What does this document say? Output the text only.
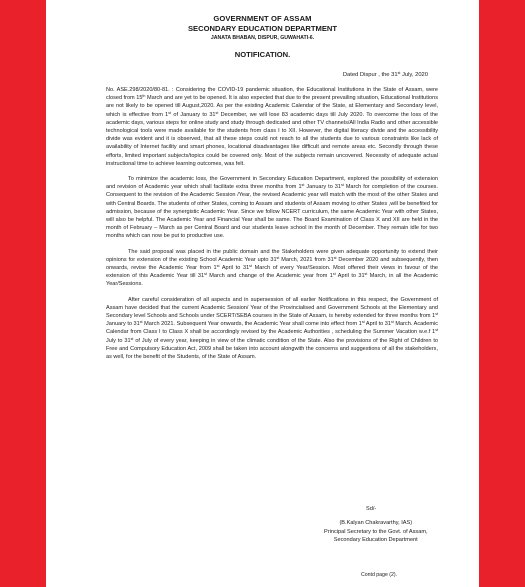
GOVERNMENT OF ASSAM
SECONDARY EDUCATION DEPARTMENT
JANATA BHABAN, DISPUR, GUWAHATI-6.
NOTIFICATION.
Dated Dispur , the 31st July, 2020

No. ASE.298/2020/80-81. : Considering the COVID-19 pandemic situation, the Educational Institutions in the State of Assam, were closed from 15th March and are yet to be opened. It is also expected that due to the present prevailing situation, Educational Institutions are not likely to be opened till August,2020. As per the existing Academic Calendar of the State, at Elementary and Secondary level, which is effective from 1st of January to 31st December, we will lose 83 academic days till July 2020. To overcome the loss of the academic days, various steps for online study and study through dedicated and other TV channels/All India Radio and other accessible technological tools were made available for the students from class I to XII. However, the digital literacy divide and the accessibility divide was evident and it is observed, that all these steps could not reach to all the students due to various constraints like lack of availability of Internet facility and smart phones, locational disadvantages like difficult and remote areas etc. Secondly through these efforts, limited important subjects/topics could be covered only. Most of the subjects remain uncovered. Necessity of adequate actual instructional time to achieve learning outcomes, was felt.

To minimize the academic loss, the Government in Secondary Education Department, explored the possibility of extension and revision of Academic year which shall facilitate extra three months from 1st January to 31st March for completion of the courses. Consequent to the revision of the Academic Session /Year, the revised Academic year will match with the most of the other States and with Central Boards. The students of other States, coming to Assam and students of Assam moving to other States ,will be benefited for admission, because of the synergistic Academic Year. Since we follow NCERT curriculum, the same Academic Year with other States, will also be helpful. The Academic Year and Financial Year shall be same. The Board Examination of Class X and XII are held in the month of February – March as per Central Board and our students leave school in the month of December. They remain idle for two months which can now be put to productive use.

The said proposal was placed in the public domain and the Stakeholders were given adequate opportunity to extend their opinions for extension of the existing School Academic Year upto 31st March, 2021 from 31st December 2020 and subsequently, then onwards, revise the Academic Year from 1st April to 31st March of every Year/Session. Most offered their views in favour of the extension of this Academic Year till 31st March and change of the Academic year from 1st April to 31st March, in all the Academic Year/Sessions.

After careful consideration of all aspects and in supersession of all earlier Notifications in this respect, the Government of Assam have decided that the current Academic Session/ Year of the Provincialised and Government Schools at the Elementary and Secondary level Schools and Schools under SCERT/SEBA courses in the State of Assam, is hereby extended for three months from 1st January to 31st March 2021. Subsequent Year onwards, the Academic Year shall come into effect from 1st April to 31st March. Academic Calendar from Class I to Class X shall be accordingly revised by the Academic Authorities , scheduling the Summer Vacation w.e.f 1st July to 31st of July of every year, keeping in view of the climatic condition of the State. Also the provisions of the Right of Children to Free and Compulsory Education Act, 2009 shall be taken into account alongwith the concerns and suggestions of all the stakeholders, as well, for the benefit of the Students, of the State of Assam.

Sd/-
(B.Kalyan Chakravarthy, IAS)
Principal Secretary to the Govt. of Assam,
Secondary Education Department
Contd page (2).
